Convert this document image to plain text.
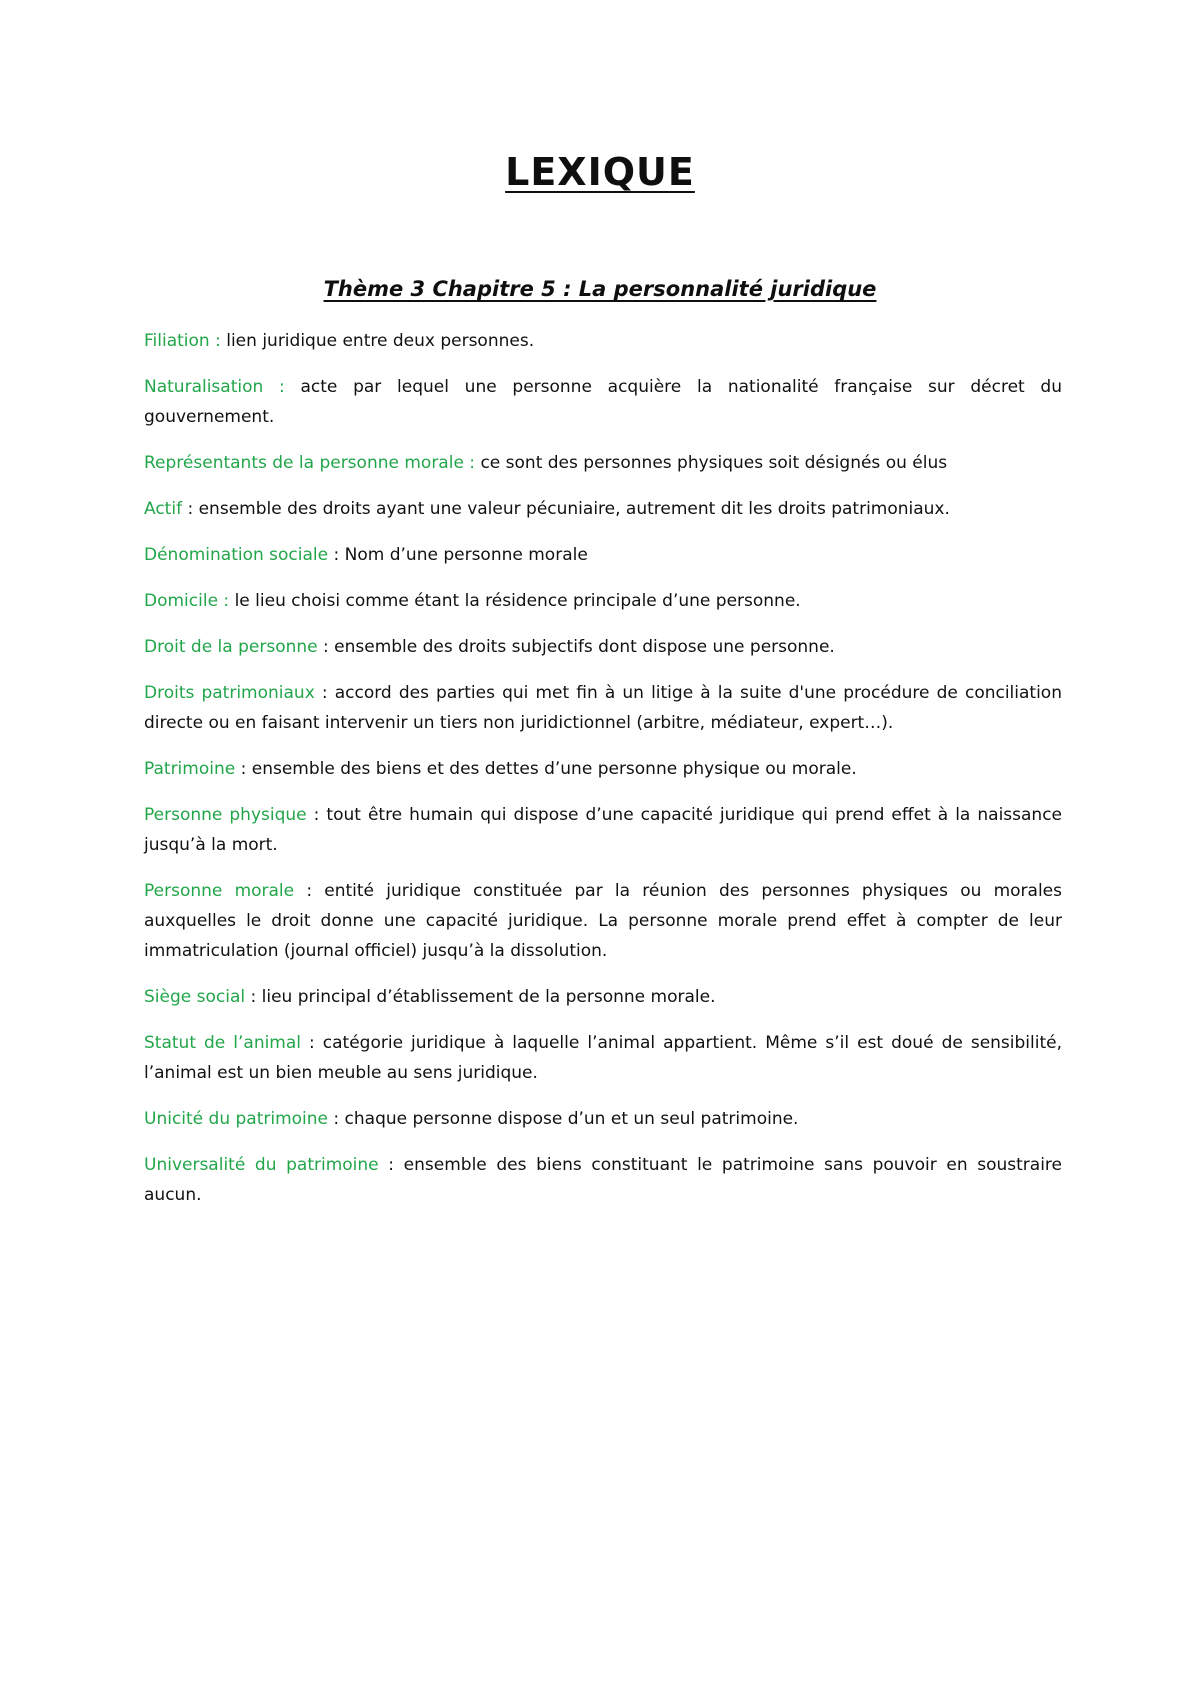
LEXIQUE
Thème 3 Chapitre 5 : La personnalité juridique
Filiation : lien juridique entre deux personnes.
Naturalisation : acte par lequel une personne acquière la nationalité française sur décret du gouvernement.
Représentants de la personne morale : ce sont des personnes physiques soit désignés ou élus
Actif : ensemble des droits ayant une valeur pécuniaire, autrement dit les droits patrimoniaux.
Dénomination sociale : Nom d’une personne morale
Domicile : le lieu choisi comme étant la résidence principale d’une personne.
Droit de la personne : ensemble des droits subjectifs dont dispose une personne.
Droits patrimoniaux : accord des parties qui met fin à un litige à la suite d'une procédure de conciliation directe ou en faisant intervenir un tiers non juridictionnel (arbitre, médiateur, expert…).
Patrimoine : ensemble des biens et des dettes d’une personne physique ou morale.
Personne physique : tout être humain qui dispose d’une capacité juridique qui prend effet à la naissance jusqu’à la mort.
Personne morale : entité juridique constituée par la réunion des personnes physiques ou morales auxquelles le droit donne une capacité juridique. La personne morale prend effet à compter de leur immatriculation (journal officiel) jusqu’à la dissolution.
Siège social : lieu principal d’établissement de la personne morale.
Statut de l’animal : catégorie juridique à laquelle l’animal appartient. Même s’il est doué de sensibilité, l’animal est un bien meuble au sens juridique.
Unicité du patrimoine : chaque personne dispose d’un et un seul patrimoine.
Universalité du patrimoine : ensemble des biens constituant le patrimoine sans pouvoir en soustraire aucun.
